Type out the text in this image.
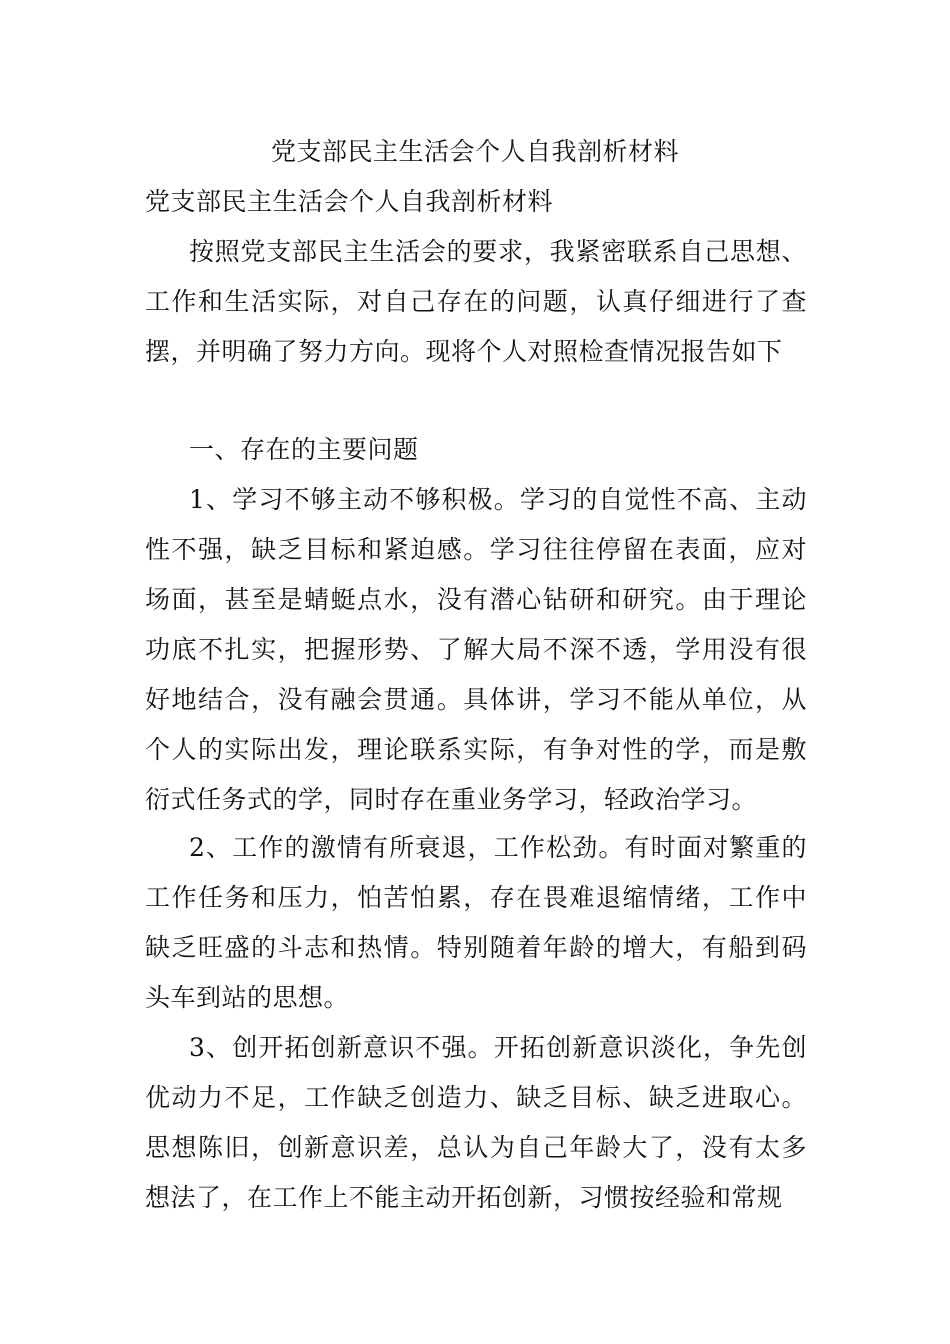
党支部民主生活会个人自我剖析材料
党支部民主生活会个人自我剖析材料

按照党支部民主生活会的要求，我紧密联系自己思想、工作和生活实际，对自己存在的问题，认真仔细进行了查摆，并明确了努力方向。现将个人对照检查情况报告如下

一、存在的主要问题

1、学习不够主动不够积极。学习的自觉性不高、主动性不强，缺乏目标和紧迫感。学习往往停留在表面，应对场面，甚至是蜻蜓点水，没有潜心钻研和研究。由于理论功底不扎实，把握形势、了解大局不深不透，学用没有很好地结合，没有融会贯通。具体讲，学习不能从单位，从个人的实际出发，理论联系实际，有争对性的学，而是敷衍式任务式的学，同时存在重业务学习，轻政治学习。

2、工作的激情有所衰退，工作松劲。有时面对繁重的工作任务和压力，怕苦怕累，存在畏难退缩情绪，工作中缺乏旺盛的斗志和热情。特别随着年龄的增大，有船到码头车到站的思想。

3、创开拓创新意识不强。开拓创新意识淡化，争先创优动力不足，工作缺乏创造力、缺乏目标、缺乏进取心。思想陈旧，创新意识差，总认为自己年龄大了，没有太多想法了，在工作上不能主动开拓创新，习惯按经验和常规
